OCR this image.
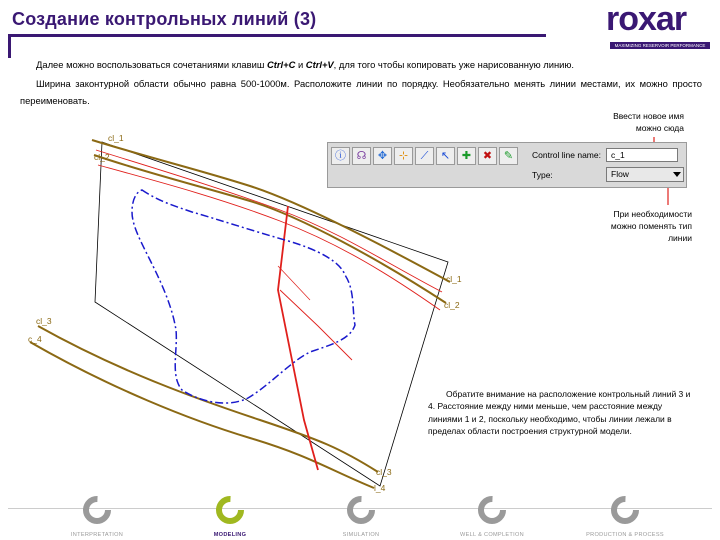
Создание контрольных линий (3)	roxar
MAXIMIZING RESERVOIR PERFORMANCE
Далее можно воспользоваться сочетаниями клавиш Ctrl+C и Ctrl+V, для того чтобы копировать уже нарисованную линию.
Ширина законтурной области обычно равна 500-1000м. Расположите линии по порядку. Необязательно менять линии местами, их можно просто переименовать.
cl_1
cl_2
cl_1
cl_2
cl_3
c_4
cl_3
l_4
ⓘ ☊	✥	⊹	⟋	↖	✚	✖	✎	Control line name:	c_1
Type:	Flow
Ввести новое имя можно сюда
При необходимости можно поменять тип линии
Обратите внимание на расположение контрольный линий 3 и 4. Расстояние между ними меньше, чем расстояние между линиями 1 и 2, поскольку необходимо, чтобы линии лежали в пределах области построения структурной модели.
INTERPRETATION	MODELING	SIMULATION	WELL & COMPLETION	PRODUCTION & PROCESS
